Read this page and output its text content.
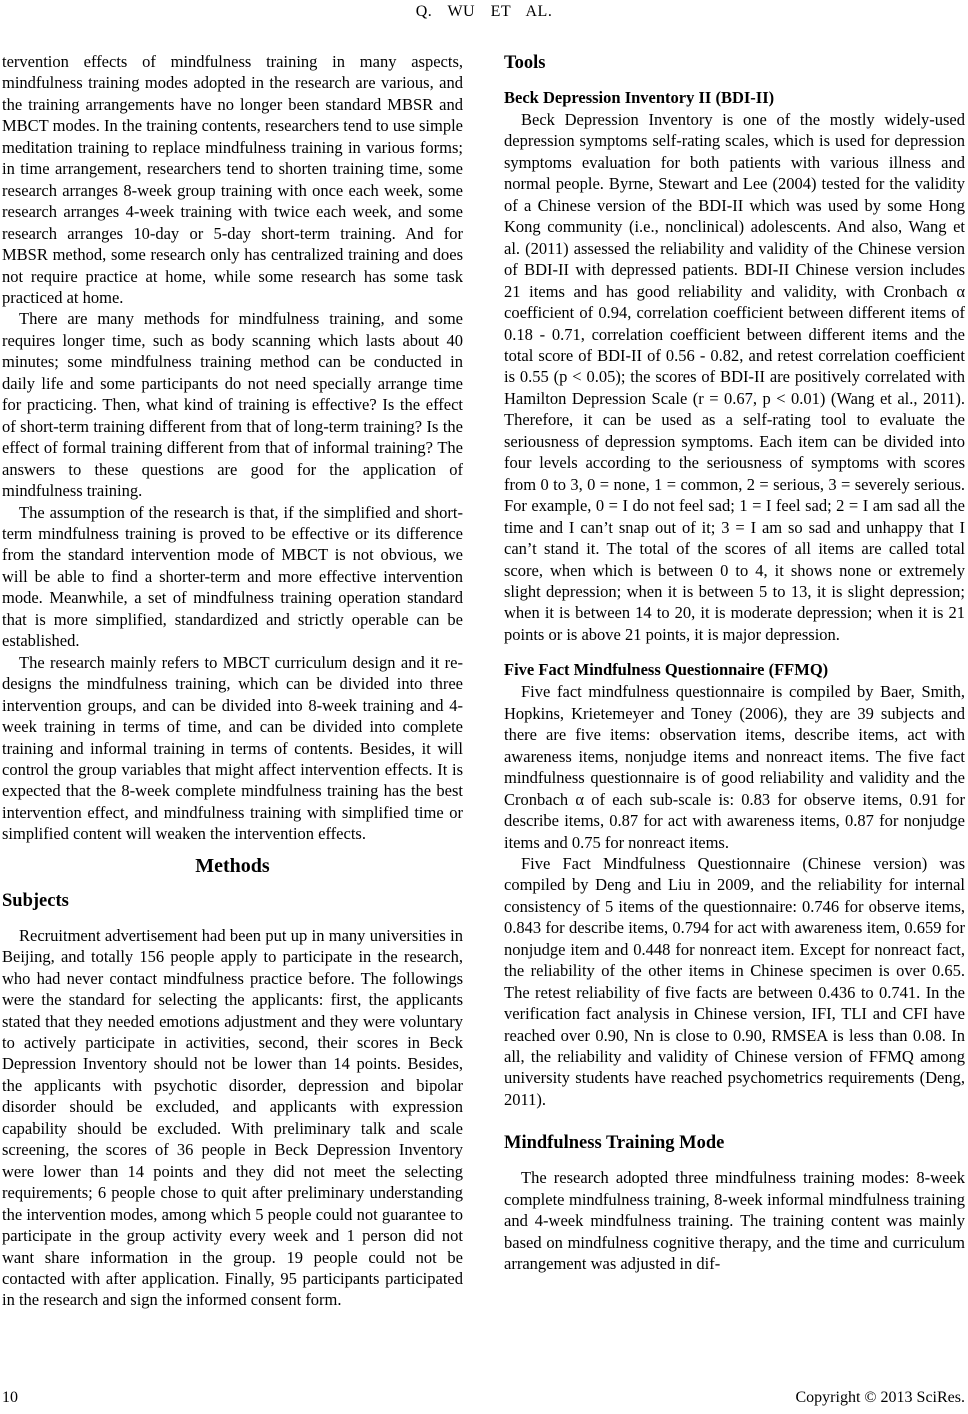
Q. WU ET AL.

tervention effects of mindfulness training in many aspects, mindfulness training modes adopted in the research are various, and the training arrangements have no longer been standard MBSR and MBCT modes. In the training contents, researchers tend to use simple meditation training to replace mindfulness training in various forms; in time arrangement, researchers tend to shorten training time, some research arranges 8-week group training with once each week, some research arranges 4-week training with twice each week, and some research arranges 10-day or 5-day short-term training. And for MBSR method, some research only has centralized training and does not require practice at home, while some research has some task practiced at home.

There are many methods for mindfulness training, and some requires longer time, such as body scanning which lasts about 40 minutes; some mindfulness training method can be conducted in daily life and some participants do not need specially arrange time for practicing. Then, what kind of training is effective? Is the effect of short-term training different from that of long-term training? Is the effect of formal training different from that of informal training? The answers to these questions are good for the application of mindfulness training.

The assumption of the research is that, if the simplified and short-term mindfulness training is proved to be effective or its difference from the standard intervention mode of MBCT is not obvious, we will be able to find a shorter-term and more effective intervention mode. Meanwhile, a set of mindfulness training operation standard that is more simplified, standardized and strictly operable can be established.

The research mainly refers to MBCT curriculum design and it re-designs the mindfulness training, which can be divided into three intervention groups, and can be divided into 8-week training and 4-week training in terms of time, and can be divided into complete training and informal training in terms of contents. Besides, it will control the group variables that might affect intervention effects. It is expected that the 8-week complete mindfulness training has the best intervention effect, and mindfulness training with simplified time or simplified content will weaken the intervention effects.

Methods
Subjects

Recruitment advertisement had been put up in many universities in Beijing, and totally 156 people apply to participate in the research, who had never contact mindfulness practice before. The followings were the standard for selecting the applicants: first, the applicants stated that they needed emotions adjustment and they were voluntary to actively participate in activities, second, their scores in Beck Depression Inventory should not be lower than 14 points. Besides, the applicants with psychotic disorder, depression and bipolar disorder should be excluded, and applicants with expression capability should be excluded. With preliminary talk and scale screening, the scores of 36 people in Beck Depression Inventory were lower than 14 points and they did not meet the selecting requirements; 6 people chose to quit after preliminary understanding the intervention modes, among which 5 people could not guarantee to participate in the group activity every week and 1 person did not want share information in the group. 19 people could not be contacted with after application. Finally, 95 participants participated in the research and sign the informed consent form.

Tools
Beck Depression Inventory II (BDI-II)

Beck Depression Inventory is one of the mostly widely-used depression symptoms self-rating scales, which is used for depression symptoms evaluation for both patients with various illness and normal people. Byrne, Stewart and Lee (2004) tested for the validity of a Chinese version of the BDI-II which was used by some Hong Kong community (i.e., nonclinical) adolescents. And also, Wang et al. (2011) assessed the reliability and validity of the Chinese version of BDI-II with depressed patients. BDI-II Chinese version includes 21 items and has good reliability and validity, with Cronbach α coefficient of 0.94, correlation coefficient between different items of 0.18 - 0.71, correlation coefficient between different items and the total score of BDI-II of 0.56 - 0.82, and retest correlation coefficient is 0.55 (p < 0.05); the scores of BDI-II are positively correlated with Hamilton Depression Scale (r = 0.67, p < 0.01) (Wang et al., 2011). Therefore, it can be used as a self-rating tool to evaluate the seriousness of depression symptoms. Each item can be divided into four levels according to the seriousness of symptoms with scores from 0 to 3, 0 = none, 1 = common, 2 = serious, 3 = severely serious. For example, 0 = I do not feel sad; 1 = I feel sad; 2 = I am sad all the time and I can’t snap out of it; 3 = I am so sad and unhappy that I can’t stand it. The total of the scores of all items are called total score, when which is between 0 to 4, it shows none or extremely slight depression; when it is between 5 to 13, it is slight depression; when it is between 14 to 20, it is moderate depression; when it is 21 points or is above 21 points, it is major depression.

Five Fact Mindfulness Questionnaire (FFMQ)

Five fact mindfulness questionnaire is compiled by Baer, Smith, Hopkins, Krietemeyer and Toney (2006), they are 39 subjects and there are five items: observation items, describe items, act with awareness items, nonjudge items and nonreact items. The five fact mindfulness questionnaire is of good reliability and validity and the Cronbach α of each sub-scale is: 0.83 for observe items, 0.91 for describe items, 0.87 for act with awareness items, 0.87 for nonjudge items and 0.75 for nonreact items.

Five Fact Mindfulness Questionnaire (Chinese version) was compiled by Deng and Liu in 2009, and the reliability for internal consistency of 5 items of the questionnaire: 0.746 for observe items, 0.843 for describe items, 0.794 for act with awareness item, 0.659 for nonjudge item and 0.448 for nonreact item. Except for nonreact fact, the reliability of the other items in Chinese specimen is over 0.65. The retest reliability of five facts are between 0.436 to 0.741. In the verification fact analysis in Chinese version, IFI, TLI and CFI have reached over 0.90, Nn is close to 0.90, RMSEA is less than 0.08. In all, the reliability and validity of Chinese version of FFMQ among university students have reached psychometrics requirements (Deng, 2011).

Mindfulness Training Mode

The research adopted three mindfulness training modes: 8-week complete mindfulness training, 8-week informal mindfulness training and 4-week mindfulness training. The training content was mainly based on mindfulness cognitive therapy, and the time and curriculum arrangement was adjusted in dif-

10	Copyright © 2013 SciRes.
